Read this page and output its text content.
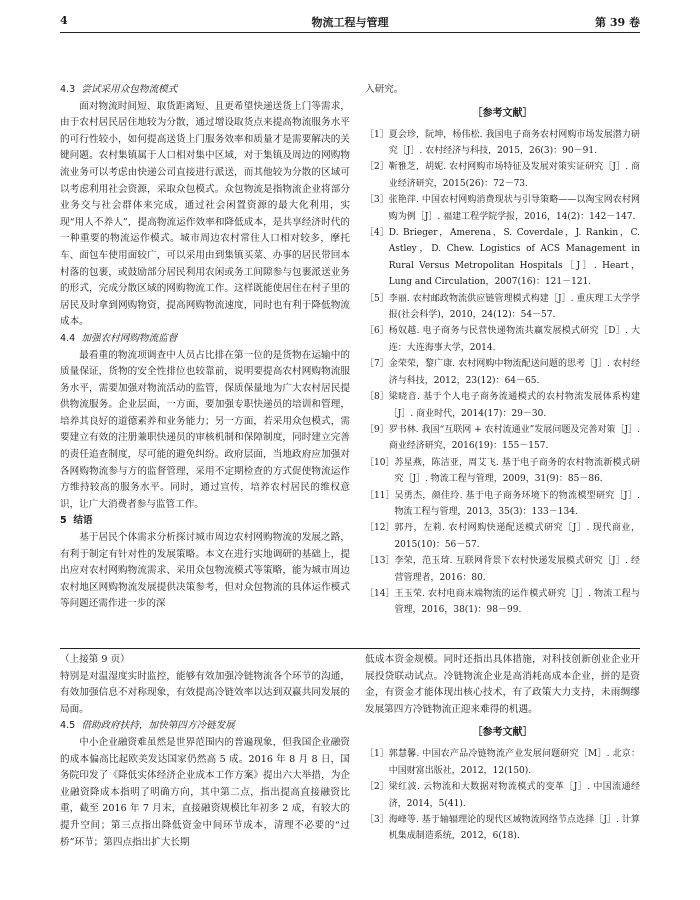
4	物流工程与管理	第 39 卷
4.3 尝试采用众包物流模式

面对物流时间短、取货距离短、且更希望快递送货上门等需求，由于农村居民居住地较为分散，通过增设取货点来提高物流服务水平的可行性较小，如何提高送货上门服务效率和质量才是需要解决的关键问题。农村集镇属于人口相对集中区域，对于集镇及周边的网购物流业务可以考虑由快递公司直接进行派送，而其他较为分散的区域可以考虑利用社会资源，采取众包模式。众包物流是指物流企业将部分业务交与社会群体来完成，通过社会闲置资源的最大化利用，实现“用人不养人”，提高物流运作效率和降低成本，是共享经济时代的一种重要的物流运作模式。城市周边农村常住人口相对较多，摩托车、面包车使用面较广，可以采用由到集镇买菜、办事的居民带回本村落的包裹，或鼓励部分居民利用农闲或务工间隙参与包裹派送业务的形式，完成分散区域的网购物流工作。这样既能使居住在村子里的居民及时拿到网购物资，提高网购物流速度，同时也有利于降低物流成本。

4.4 加强农村网购物流监督

最看重的物流项调查中人员占比排在第一位的是货物在运输中的质量保证，货物的安全性排位也较靠前，说明要提高农村网购物流服务水平，需要加强对物流活动的监管，保质保量地为广大农村居民提供物流服务。企业层面，一方面，要加强专职快递员的培训和管理，培养其良好的道德素养和业务能力；另一方面，若采用众包模式，需要建立有效的注册兼职快递员的审核机制和保障制度，同时建立完善的责任追查制度，尽可能的避免纠纷。政府层面，当地政府应加强对各网购物流参与方的监督管理，采用不定期检查的方式促使物流运作方维持较高的服务水平。同时，通过宣传，培养农村居民的维权意识，让广大消费者参与监管工作。

5 结语

基于居民个体需求分析探讨城市周边农村网购物流的发展之路，有利于制定有针对性的发展策略。本文在进行实地调研的基础上，提出应对农村网购物流需求、采用众包物流模式等策略，能为城市周边农村地区网购物流发展提供决策参考，但对众包物流的具体运作模式等问题还需作进一步的深

入研究。

［参考文献］
［1］ 夏会珍，阮坤，杨伟松. 我国电子商务农村网购市场发展潜力研究［J］. 农村经济与科技，2015，26(3)：90－91.
［2］ 靳雅芝，胡妮. 农村网购市场特征及发展对策实证研究［J］. 商业经济研究，2015(26)：72－73.
［3］ 张艳萍. 中国农村网购消费现状与引导策略——以淘宝网农村网购为例［J］. 福建工程学院学报，2016，14(2)：142－147.
［4］ D. Brieger，Amerena，S. Coverdale，J. Rankin，C. Astley，D. Chew. Logistics of ACS Management in Rural Versus Metropolitan Hospitals［J］. Heart，Lung and Circulation，2007(16)：121－121.
［5］ 李丽. 农村邮政物流供应链管理模式构建［J］. 重庆理工大学学报(社会科学)，2010，24(12)：54－57.
［6］ 杨奴越. 电子商务与民营快递物流共赢发展模式研究［D］. 大连：大连海事大学，2014.
［7］ 金荣荣，黎广康. 农村网购中物流配送问题的思考［J］. 农村经济与科技，2012，23(12)：64－65.
［8］ 梁晓音. 基于个人电子商务流通模式的农村物流发展体系构建［J］. 商业时代，2014(17)：29－30.
［9］ 罗书林. 我国“互联网 + 农村流通业”发展问题及完善对策［J］. 商业经济研究，2016(19)：155－157.
［10］ 苏星燕，陈洁亚，周艾飞. 基于电子商务的农村物流新模式研究［J］. 物流工程与管理，2009，31(9)：85－86.
［11］ 吴勇杰，颜佳玲. 基于电子商务环境下的物流模型研究［J］. 物流工程与管理，2013，35(3)：133－134.
［12］ 郭丹，左莉. 农村网购快递配送模式研究［J］. 现代商业，2015(10)：56－57.
［13］ 李荣，范玉琦. 互联网背景下农村快递发展模式研究［J］. 经营管理者，2016：80.
［14］ 王玉荣. 农村电商末端物流的运作模式研究［J］. 物流工程与管理，2016，38(1)：98－99.

（上接第 9 页）

特别是对温湿度实时监控，能够有效加强冷链物流各个环节的沟通，有效加强信息不对称现象，有效提高冷链效率以达到双赢共同发展的局面。

4.5 借助政府扶持，加快第四方冷链发展

中小企业融资难虽然是世界范围内的普遍现象，但我国企业融资的成本偏高比起欧美发达国家仍然高 5 成。2016 年 8 月 8 日，国务院印发了《降低实体经济企业成本工作方案》提出六大举措，为企业融资降成本指明了明确方向，其中第二点，指出提高直接融资比重，截至 2016 年 7 月末，直接融资规模比年初多 2 成，有较大的提升空间；第三点指出降低资金中间环节成本，清理不必要的“过桥”环节；第四点指出扩大长期

低成本资金规模。同时还指出具体措施，对科技创新创业企业开展投贷联动试点。冷链物流企业是高消耗高成本企业，拼的是资金，有资金才能体现出核心技术，有了政策大力支持，未雨绸缪发展第四方冷链物流正迎来难得的机遇。

［参考文献］
［1］ 郭慧馨. 中国农产品冷链物流产业发展问题研究［M］. 北京：中国财富出版社，2012，12(150).
［2］ 梁红波. 云物流和大数据对物流模式的变革［J］. 中国流通经济，2014，5(41).
［3］ 海峰等. 基于轴辐理论的现代区域物流网络节点选择［J］. 计算机集成制造系统，2012，6(18).
